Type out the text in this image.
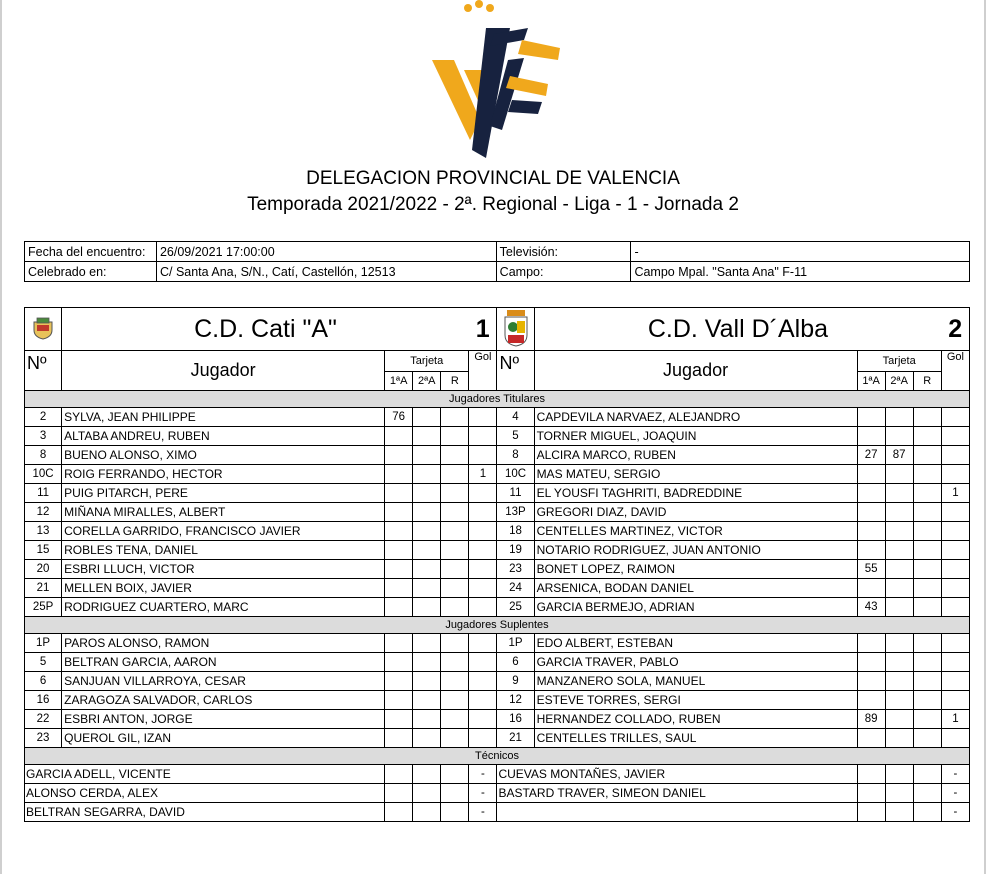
DELEGACION PROVINCIAL DE VALENCIA
Temporada 2021/2022 - 2ª. Regional - Liga - 1 - Jornada 2
Fecha del encuentro:	26/09/2021 17:00:00	Televisión:	-
Celebrado en:	C/ Santa Ana, S/N., Catí, Castellón, 12513	Campo:	Campo Mpal. "Santa Ana" F-11
	C.D. Cati "A"				1		C.D. Vall D´Alba				2
Nº	Jugador	Tarjeta			Gol	Nº	Jugador	Tarjeta			Gol
		1ªA	2ªA	R				1ªA	2ªA	R	
Jugadores Titulares											
2	SYLVA, JEAN PHILIPPE	76				4	CAPDEVILA NARVAEZ, ALEJANDRO				
3	ALTABA ANDREU, RUBEN					5	TORNER MIGUEL, JOAQUIN				
8	BUENO ALONSO, XIMO					8	ALCIRA MARCO, RUBEN	27	87		
10C	ROIG FERRANDO, HECTOR				1	10C	MAS MATEU, SERGIO				
11	PUIG PITARCH, PERE					11	EL YOUSFI TAGHRITI, BADREDDINE				1
12	MIÑANA MIRALLES, ALBERT					13P	GREGORI DIAZ, DAVID				
13	CORELLA GARRIDO, FRANCISCO JAVIER					18	CENTELLES MARTINEZ, VICTOR				
15	ROBLES TENA, DANIEL					19	NOTARIO RODRIGUEZ, JUAN ANTONIO				
20	ESBRI LLUCH, VICTOR					23	BONET LOPEZ, RAIMON	55			
21	MELLEN BOIX, JAVIER					24	ARSENICA, BODAN DANIEL				
25P	RODRIGUEZ CUARTERO, MARC					25	GARCIA BERMEJO, ADRIAN	43			
Jugadores Suplentes											
1P	PAROS ALONSO, RAMON					1P	EDO ALBERT, ESTEBAN				
5	BELTRAN GARCIA, AARON					6	GARCIA TRAVER, PABLO				
6	SANJUAN VILLARROYA, CESAR					9	MANZANERO SOLA, MANUEL				
16	ZARAGOZA SALVADOR, CARLOS					12	ESTEVE TORRES, SERGI				
22	ESBRI ANTON, JORGE					16	HERNANDEZ COLLADO, RUBEN	89			1
23	QUEROL GIL, IZAN					21	CENTELLES TRILLES, SAUL				
Técnicos											
GARCIA ADELL, VICENTE					-	CUEVAS MONTAÑES, JAVIER					-
ALONSO CERDA, ALEX					-	BASTARD TRAVER, SIMEON DANIEL					-
BELTRAN SEGARRA, DAVID					-						-
